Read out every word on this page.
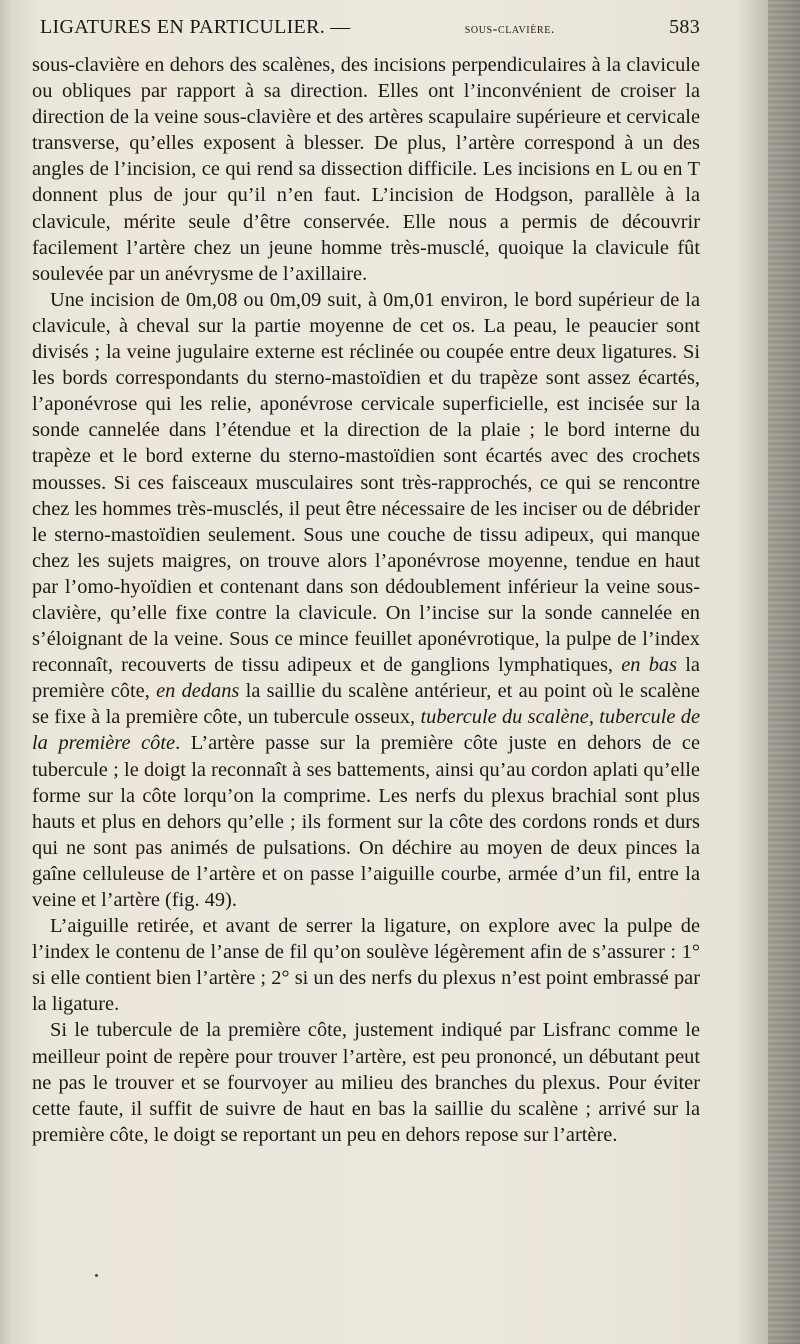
LIGATURES EN PARTICULIER. —	sous-clavière.	583

sous-clavière en dehors des scalènes, des incisions perpendiculaires à la clavicule ou obliques par rapport à sa direction. Elles ont l’inconvénient de croiser la direction de la veine sous-clavière et des artères scapulaire supérieure et cervicale transverse, qu’elles exposent à blesser. De plus, l’artère correspond à un des angles de l’incision, ce qui rend sa dissection difficile. Les incisions en L ou en T donnent plus de jour qu’il n’en faut. L’incision de Hodgson, parallèle à la clavicule, mérite seule d’être conservée. Elle nous a permis de découvrir facilement l’artère chez un jeune homme très-musclé, quoique la clavicule fût soulevée par un anévrysme de l’axillaire.

Une incision de 0m,08 ou 0m,09 suit, à 0m,01 environ, le bord supérieur de la clavicule, à cheval sur la partie moyenne de cet os. La peau, le peaucier sont divisés ; la veine jugulaire externe est réclinée ou coupée entre deux ligatures. Si les bords correspondants du sterno-mastoïdien et du trapèze sont assez écartés, l’aponévrose qui les relie, aponévrose cervicale superficielle, est incisée sur la sonde cannelée dans l’étendue et la direction de la plaie ; le bord interne du trapèze et le bord externe du sterno-mastoïdien sont écartés avec des crochets mousses. Si ces faisceaux musculaires sont très-rapprochés, ce qui se rencontre chez les hommes très-musclés, il peut être nécessaire de les inciser ou de débrider le sterno-mastoïdien seulement. Sous une couche de tissu adipeux, qui manque chez les sujets maigres, on trouve alors l’aponévrose moyenne, tendue en haut par l’omo-hyoïdien et contenant dans son dédoublement inférieur la veine sous-clavière, qu’elle fixe contre la clavicule. On l’incise sur la sonde cannelée en s’éloignant de la veine. Sous ce mince feuillet aponévrotique, la pulpe de l’index reconnaît, recouverts de tissu adipeux et de ganglions lymphatiques, en bas la première côte, en dedans la saillie du scalène antérieur, et au point où le scalène se fixe à la première côte, un tubercule osseux, tubercule du scalène, tubercule de la première côte. L’artère passe sur la première côte juste en dehors de ce tubercule ; le doigt la reconnaît à ses battements, ainsi qu’au cordon aplati qu’elle forme sur la côte lorqu’on la comprime. Les nerfs du plexus brachial sont plus hauts et plus en dehors qu’elle ; ils forment sur la côte des cordons ronds et durs qui ne sont pas animés de pulsations. On déchire au moyen de deux pinces la gaîne celluleuse de l’artère et on passe l’aiguille courbe, armée d’un fil, entre la veine et l’artère (fig. 49).

L’aiguille retirée, et avant de serrer la ligature, on explore avec la pulpe de l’index le contenu de l’anse de fil qu’on soulève légèrement afin de s’assurer : 1° si elle contient bien l’artère ; 2° si un des nerfs du plexus n’est point embrassé par la ligature.

Si le tubercule de la première côte, justement indiqué par Lisfranc comme le meilleur point de repère pour trouver l’artère, est peu prononcé, un débutant peut ne pas le trouver et se fourvoyer au milieu des branches du plexus. Pour éviter cette faute, il suffit de suivre de haut en bas la saillie du scalène ; arrivé sur la première côte, le doigt se reportant un peu en dehors repose sur l’artère.
